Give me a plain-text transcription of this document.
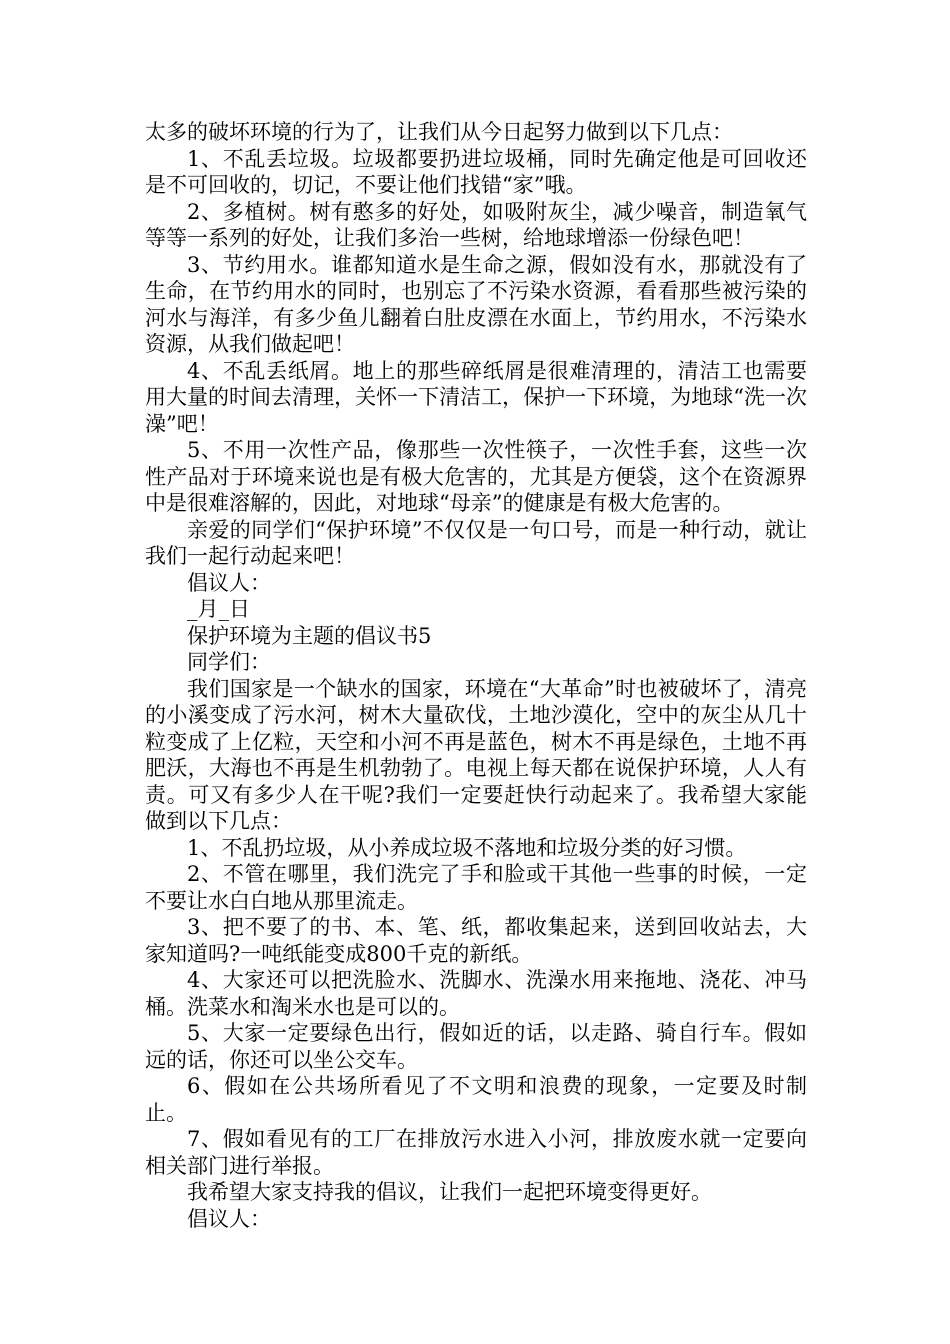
太多的破坏环境的行为了，让我们从今日起努力做到以下几点：

1、不乱丢垃圾。垃圾都要扔进垃圾桶，同时先确定他是可回收还是不可回收的，切记，不要让他们找错“家”哦。

2、多植树。树有憨多的好处，如吸附灰尘，减少噪音，制造氧气等等一系列的好处，让我们多治一些树，给地球增添一份绿色吧！

3、节约用水。谁都知道水是生命之源，假如没有水，那就没有了生命，在节约用水的同时，也别忘了不污染水资源，看看那些被污染的河水与海洋，有多少鱼儿翻着白肚皮漂在水面上，节约用水，不污染水资源，从我们做起吧！

4、不乱丢纸屑。地上的那些碎纸屑是很难清理的，清洁工也需要用大量的时间去清理，关怀一下清洁工，保护一下环境，为地球“洗一次澡”吧！

5、不用一次性产品，像那些一次性筷子，一次性手套，这些一次性产品对于环境来说也是有极大危害的，尤其是方便袋，这个在资源界中是很难溶解的，因此，对地球“母亲”的健康是有极大危害的。

亲爱的同学们“保护环境”不仅仅是一句口号，而是一种行动，就让我们一起行动起来吧！

倡议人：

_月_日

保护环境为主题的倡议书5

同学们：

我们国家是一个缺水的国家，环境在“大革命”时也被破坏了，清亮的小溪变成了污水河，树木大量砍伐，土地沙漠化，空中的灰尘从几十粒变成了上亿粒，天空和小河不再是蓝色，树木不再是绿色，土地不再肥沃，大海也不再是生机勃勃了。电视上每天都在说保护环境，人人有责。可又有多少人在干呢?我们一定要赶快行动起来了。我希望大家能做到以下几点：

1、不乱扔垃圾，从小养成垃圾不落地和垃圾分类的好习惯。

2、不管在哪里，我们洗完了手和脸或干其他一些事的时候，一定不要让水白白地从那里流走。

3、把不要了的书、本、笔、纸，都收集起来，送到回收站去，大家知道吗?一吨纸能变成800千克的新纸。

4、大家还可以把洗脸水、洗脚水、洗澡水用来拖地、浇花、冲马桶。洗菜水和淘米水也是可以的。

5、大家一定要绿色出行，假如近的话，以走路、骑自行车。假如远的话，你还可以坐公交车。

6、假如在公共场所看见了不文明和浪费的现象，一定要及时制止。

7、假如看见有的工厂在排放污水进入小河，排放废水就一定要向相关部门进行举报。

我希望大家支持我的倡议，让我们一起把环境变得更好。

倡议人：
